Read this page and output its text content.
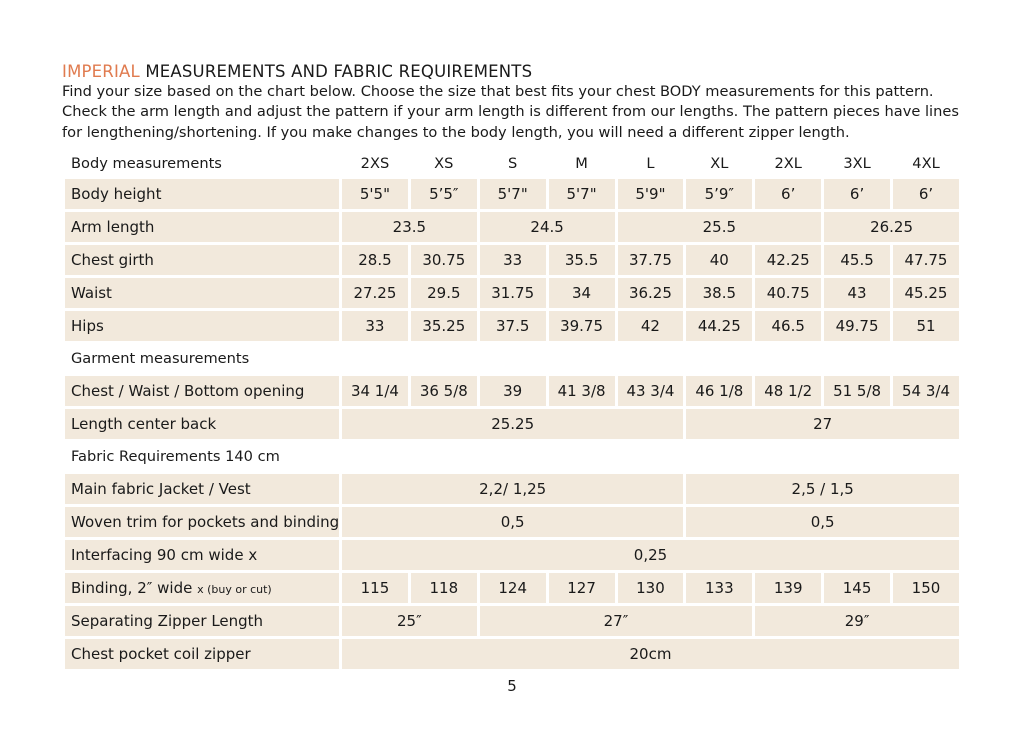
IMPERIAL MEASUREMENTS AND FABRIC REQUIREMENTS
Find your size based on the chart below. Choose the size that best fits your chest BODY measurements for this pattern.
Check the arm length and adjust the pattern if your arm length is different from our lengths. The pattern pieces have lines
for lengthening/shortening. If you make changes to the body length, you will need a different zipper length.
Body measurements	2XS	XS	S	M	L	XL	2XL	3XL	4XL
Body height	5'5"	5’5″	5'7"	5'7"	5'9"	5’9″	6’	6’	6’
Arm length	23.5		24.5		25.5			26.25	
Chest girth	28.5	30.75	33	35.5	37.75	40	42.25	45.5	47.75
Waist	27.25	29.5	31.75	34	36.25	38.5	40.75	43	45.25
Hips	33	35.25	37.5	39.75	42	44.25	46.5	49.75	51
Garment measurements									
Chest / Waist / Bottom opening	34 1/4	36 5/8	39	41 3/8	43 3/4	46 1/8	48 1/2	51 5/8	54 3/4
Length center back	25.25					27			
Fabric Requirements 140 cm									
Main fabric Jacket / Vest	2,2/ 1,25					2,5 / 1,5			
Woven trim for pockets and binding	0,5					0,5			
Interfacing 90 cm wide x	0,25								
Binding, 2″ wide x (buy or cut)	115	118	124	127	130	133	139	145	150
Separating Zipper Length	25″		27″				29″		
Chest pocket coil zipper	20cm								
5
